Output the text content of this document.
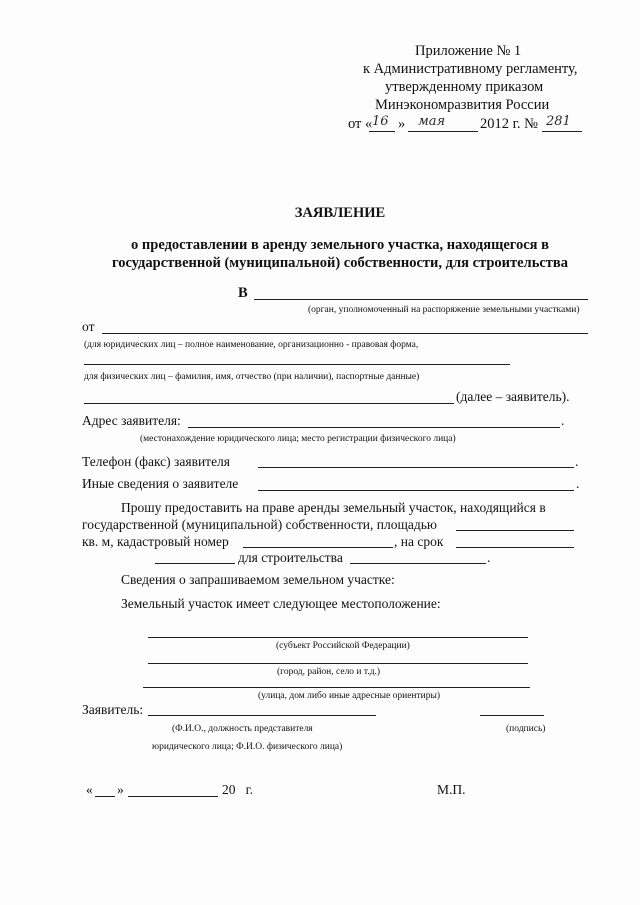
Приложение № 1
к Административному регламенту,
утвержденному приказом
Минэкономразвития России
от « 16 » мая 2012 г. № 281
ЗАЯВЛЕНИЕ
о предоставлении в аренду земельного участка, находящегося в
государственной (муниципальной) собственности, для строительства
В
(орган, уполномоченный на распоряжение земельными участками)
от
(для юридических лиц – полное наименование, организационно - правовая форма,
для физических лиц – фамилия, имя, отчество (при наличии), паспортные данные)
(далее – заявитель).
Адрес заявителя:	.
(местонахождение юридического лица; место регистрации физического лица)
Телефон (факс) заявителя	.
Иные сведения о заявителе	.
Прошу предоставить на праве аренды земельный участок, находящийся в
государственной (муниципальной) собственности, площадью
кв. м, кадастровый номер	, на срок
для строительства	.
Сведения о запрашиваемом земельном участке:
Земельный участок имеет следующее местоположение:
(субъект Российской Федерации)
(город, район, село и т.д.)
(улица, дом либо иные адресные ориентиры)
Заявитель:
(Ф.И.О., должность представителя
юридического лица; Ф.И.О. физического лица)
(подпись)
« »	20   г.	М.П.
